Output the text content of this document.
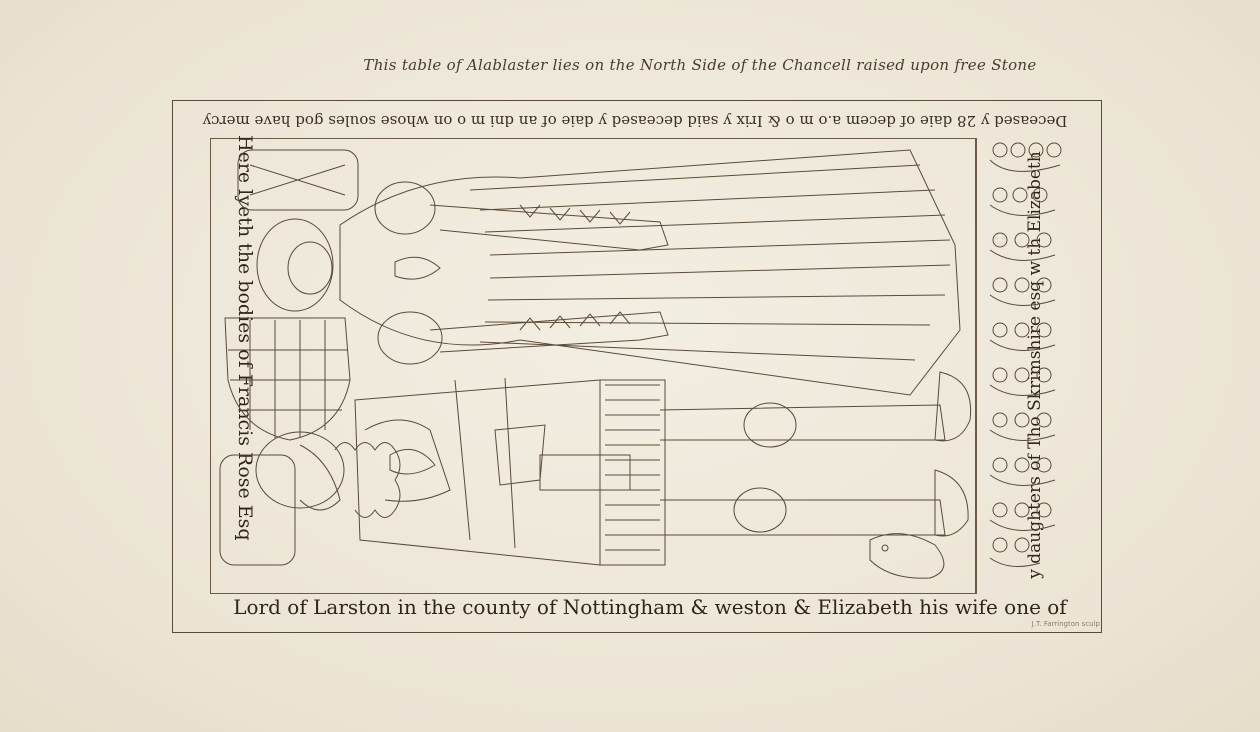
This table of Alablaster lies on the North Side of the Chancell raised upon free Stone
Deceased y 28 daie of decem a.o m o & Irix y said deceased y daie of an dni m o on whose soules god have mercy
Lord of Larston in the county of Nottingham & weston & Elizabeth his wife one of
Here lyeth the bodies of Francis Rose Esq	y daughters of Tho Skrimshire esq w th Elizabeth
J.T. Farrington sculp
